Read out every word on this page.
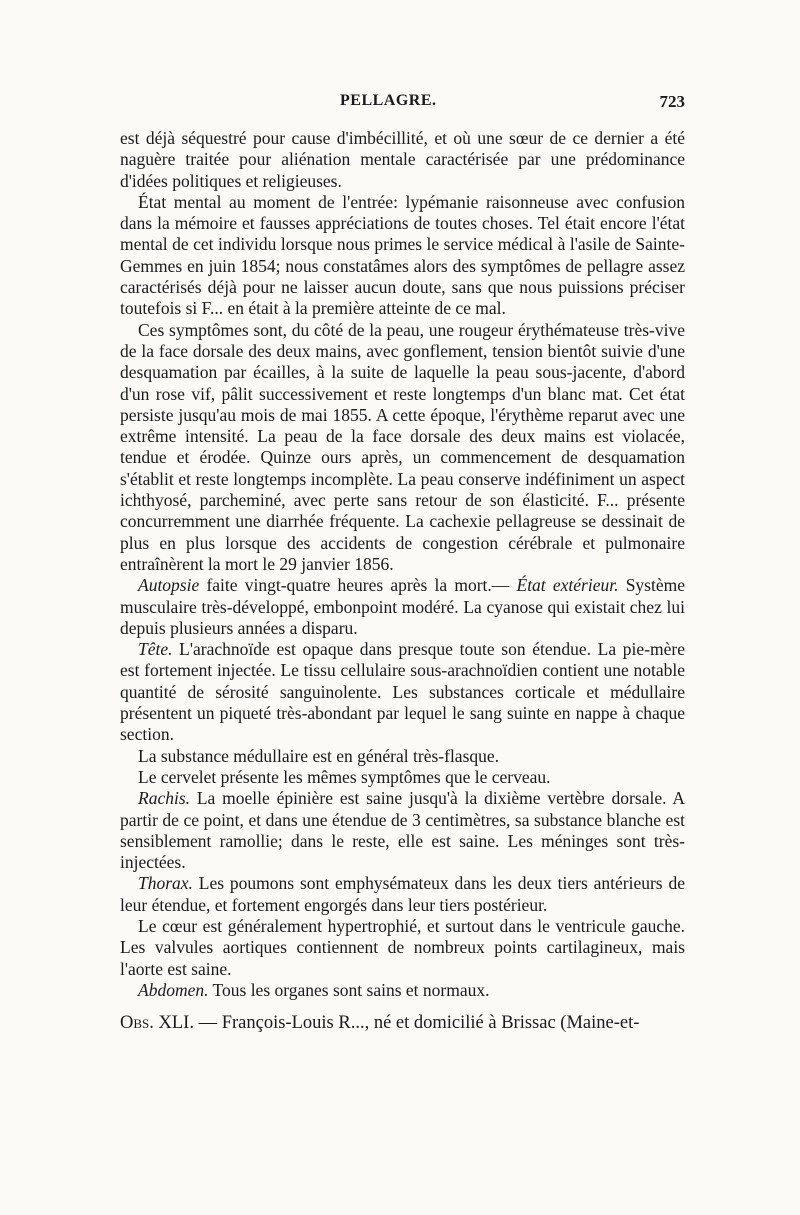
PELLAGRE.	723

est déjà séquestré pour cause d'imbécillité, et où une sœur de ce dernier a été naguère traitée pour aliénation mentale caractérisée par une prédominance d'idées politiques et religieuses.

État mental au moment de l'entrée: lypémanie raisonneuse avec confusion dans la mémoire et fausses appréciations de toutes choses. Tel était encore l'état mental de cet individu lorsque nous primes le service médical à l'asile de Sainte-Gemmes en juin 1854; nous constatâmes alors des symptômes de pellagre assez caractérisés déjà pour ne laisser aucun doute, sans que nous puissions préciser toutefois si F... en était à la première atteinte de ce mal.

Ces symptômes sont, du côté de la peau, une rougeur érythémateuse très-vive de la face dorsale des deux mains, avec gonflement, tension bientôt suivie d'une desquamation par écailles, à la suite de laquelle la peau sous-jacente, d'abord d'un rose vif, pâlit successivement et reste longtemps d'un blanc mat. Cet état persiste jusqu'au mois de mai 1855. A cette époque, l'érythème reparut avec une extrême intensité. La peau de la face dorsale des deux mains est violacée, tendue et érodée. Quinze ours après, un commencement de desquamation s'établit et reste longtemps incomplète. La peau conserve indéfiniment un aspect ichthyosé, parcheminé, avec perte sans retour de son élasticité. F... présente concurremment une diarrhée fréquente. La cachexie pellagreuse se dessinait de plus en plus lorsque des accidents de congestion cérébrale et pulmonaire entraînèrent la mort le 29 janvier 1856.

Autopsie faite vingt-quatre heures après la mort.— État extérieur. Système musculaire très-développé, embonpoint modéré. La cyanose qui existait chez lui depuis plusieurs années a disparu.

Tête. L'arachnoïde est opaque dans presque toute son étendue. La pie-mère est fortement injectée. Le tissu cellulaire sous-arachnoïdien contient une notable quantité de sérosité sanguinolente. Les substances corticale et médullaire présentent un piqueté très-abondant par lequel le sang suinte en nappe à chaque section.

La substance médullaire est en général très-flasque.

Le cervelet présente les mêmes symptômes que le cerveau.

Rachis. La moelle épinière est saine jusqu'à la dixième vertèbre dorsale. A partir de ce point, et dans une étendue de 3 centimètres, sa substance blanche est sensiblement ramollie; dans le reste, elle est saine. Les méninges sont très-injectées.

Thorax. Les poumons sont emphysémateux dans les deux tiers antérieurs de leur étendue, et fortement engorgés dans leur tiers postérieur.

Le cœur est généralement hypertrophié, et surtout dans le ventricule gauche. Les valvules aortiques contiennent de nombreux points cartilagineux, mais l'aorte est saine.

Abdomen. Tous les organes sont sains et normaux.

Obs. XLI. — François-Louis R..., né et domicilié à Brissac (Maine-et-
